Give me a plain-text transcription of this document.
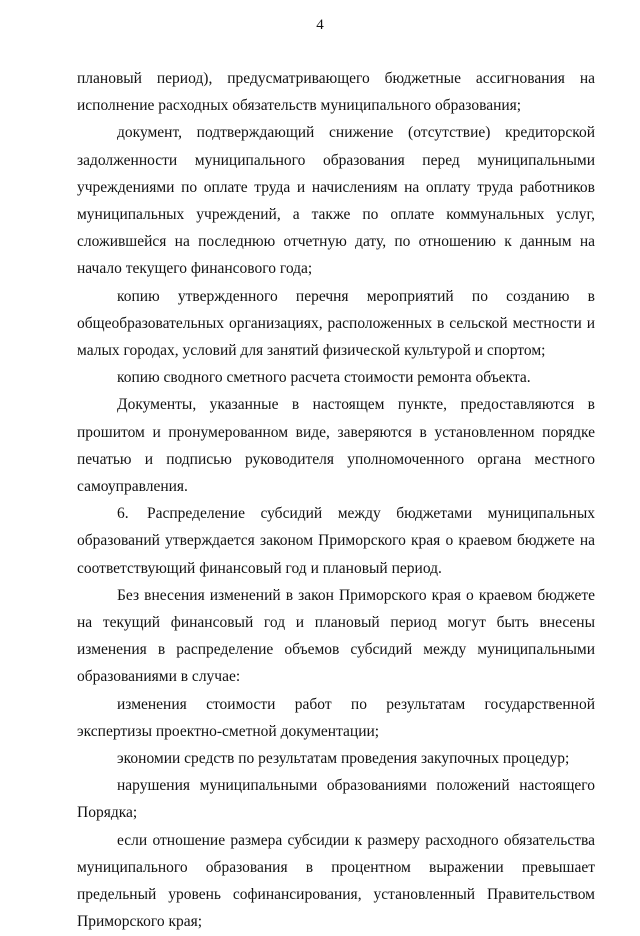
4

плановый период), предусматривающего бюджетные ассигнования на исполнение расходных обязательств муниципального образования;

документ, подтверждающий снижение (отсутствие) кредиторской задолженности муниципального образования перед муниципальными учреждениями по оплате труда и начислениям на оплату труда работников муниципальных учреждений, а также по оплате коммунальных услуг, сложившейся на последнюю отчетную дату, по отношению к данным на начало текущего финансового года;

копию утвержденного перечня мероприятий по созданию в общеобразовательных организациях, расположенных в сельской местности и малых городах, условий для занятий физической культурой и спортом;

копию сводного сметного расчета стоимости ремонта объекта.

Документы, указанные в настоящем пункте, предоставляются в прошитом и пронумерованном виде, заверяются в установленном порядке печатью и подписью руководителя уполномоченного органа местного самоуправления.

6. Распределение субсидий между бюджетами муниципальных образований утверждается законом Приморского края о краевом бюджете на соответствующий финансовый год и плановый период.

Без внесения изменений в закон Приморского края о краевом бюджете на текущий финансовый год и плановый период могут быть внесены изменения в распределение объемов субсидий между муниципальными образованиями в случае:

изменения стоимости работ по результатам государственной экспертизы проектно-сметной документации;

экономии средств по результатам проведения закупочных процедур;

нарушения муниципальными образованиями положений настоящего Порядка;

если отношение размера субсидии к размеру расходного обязательства муниципального образования в процентном выражении превышает предельный уровень софинансирования, установленный Правительством Приморского края;
